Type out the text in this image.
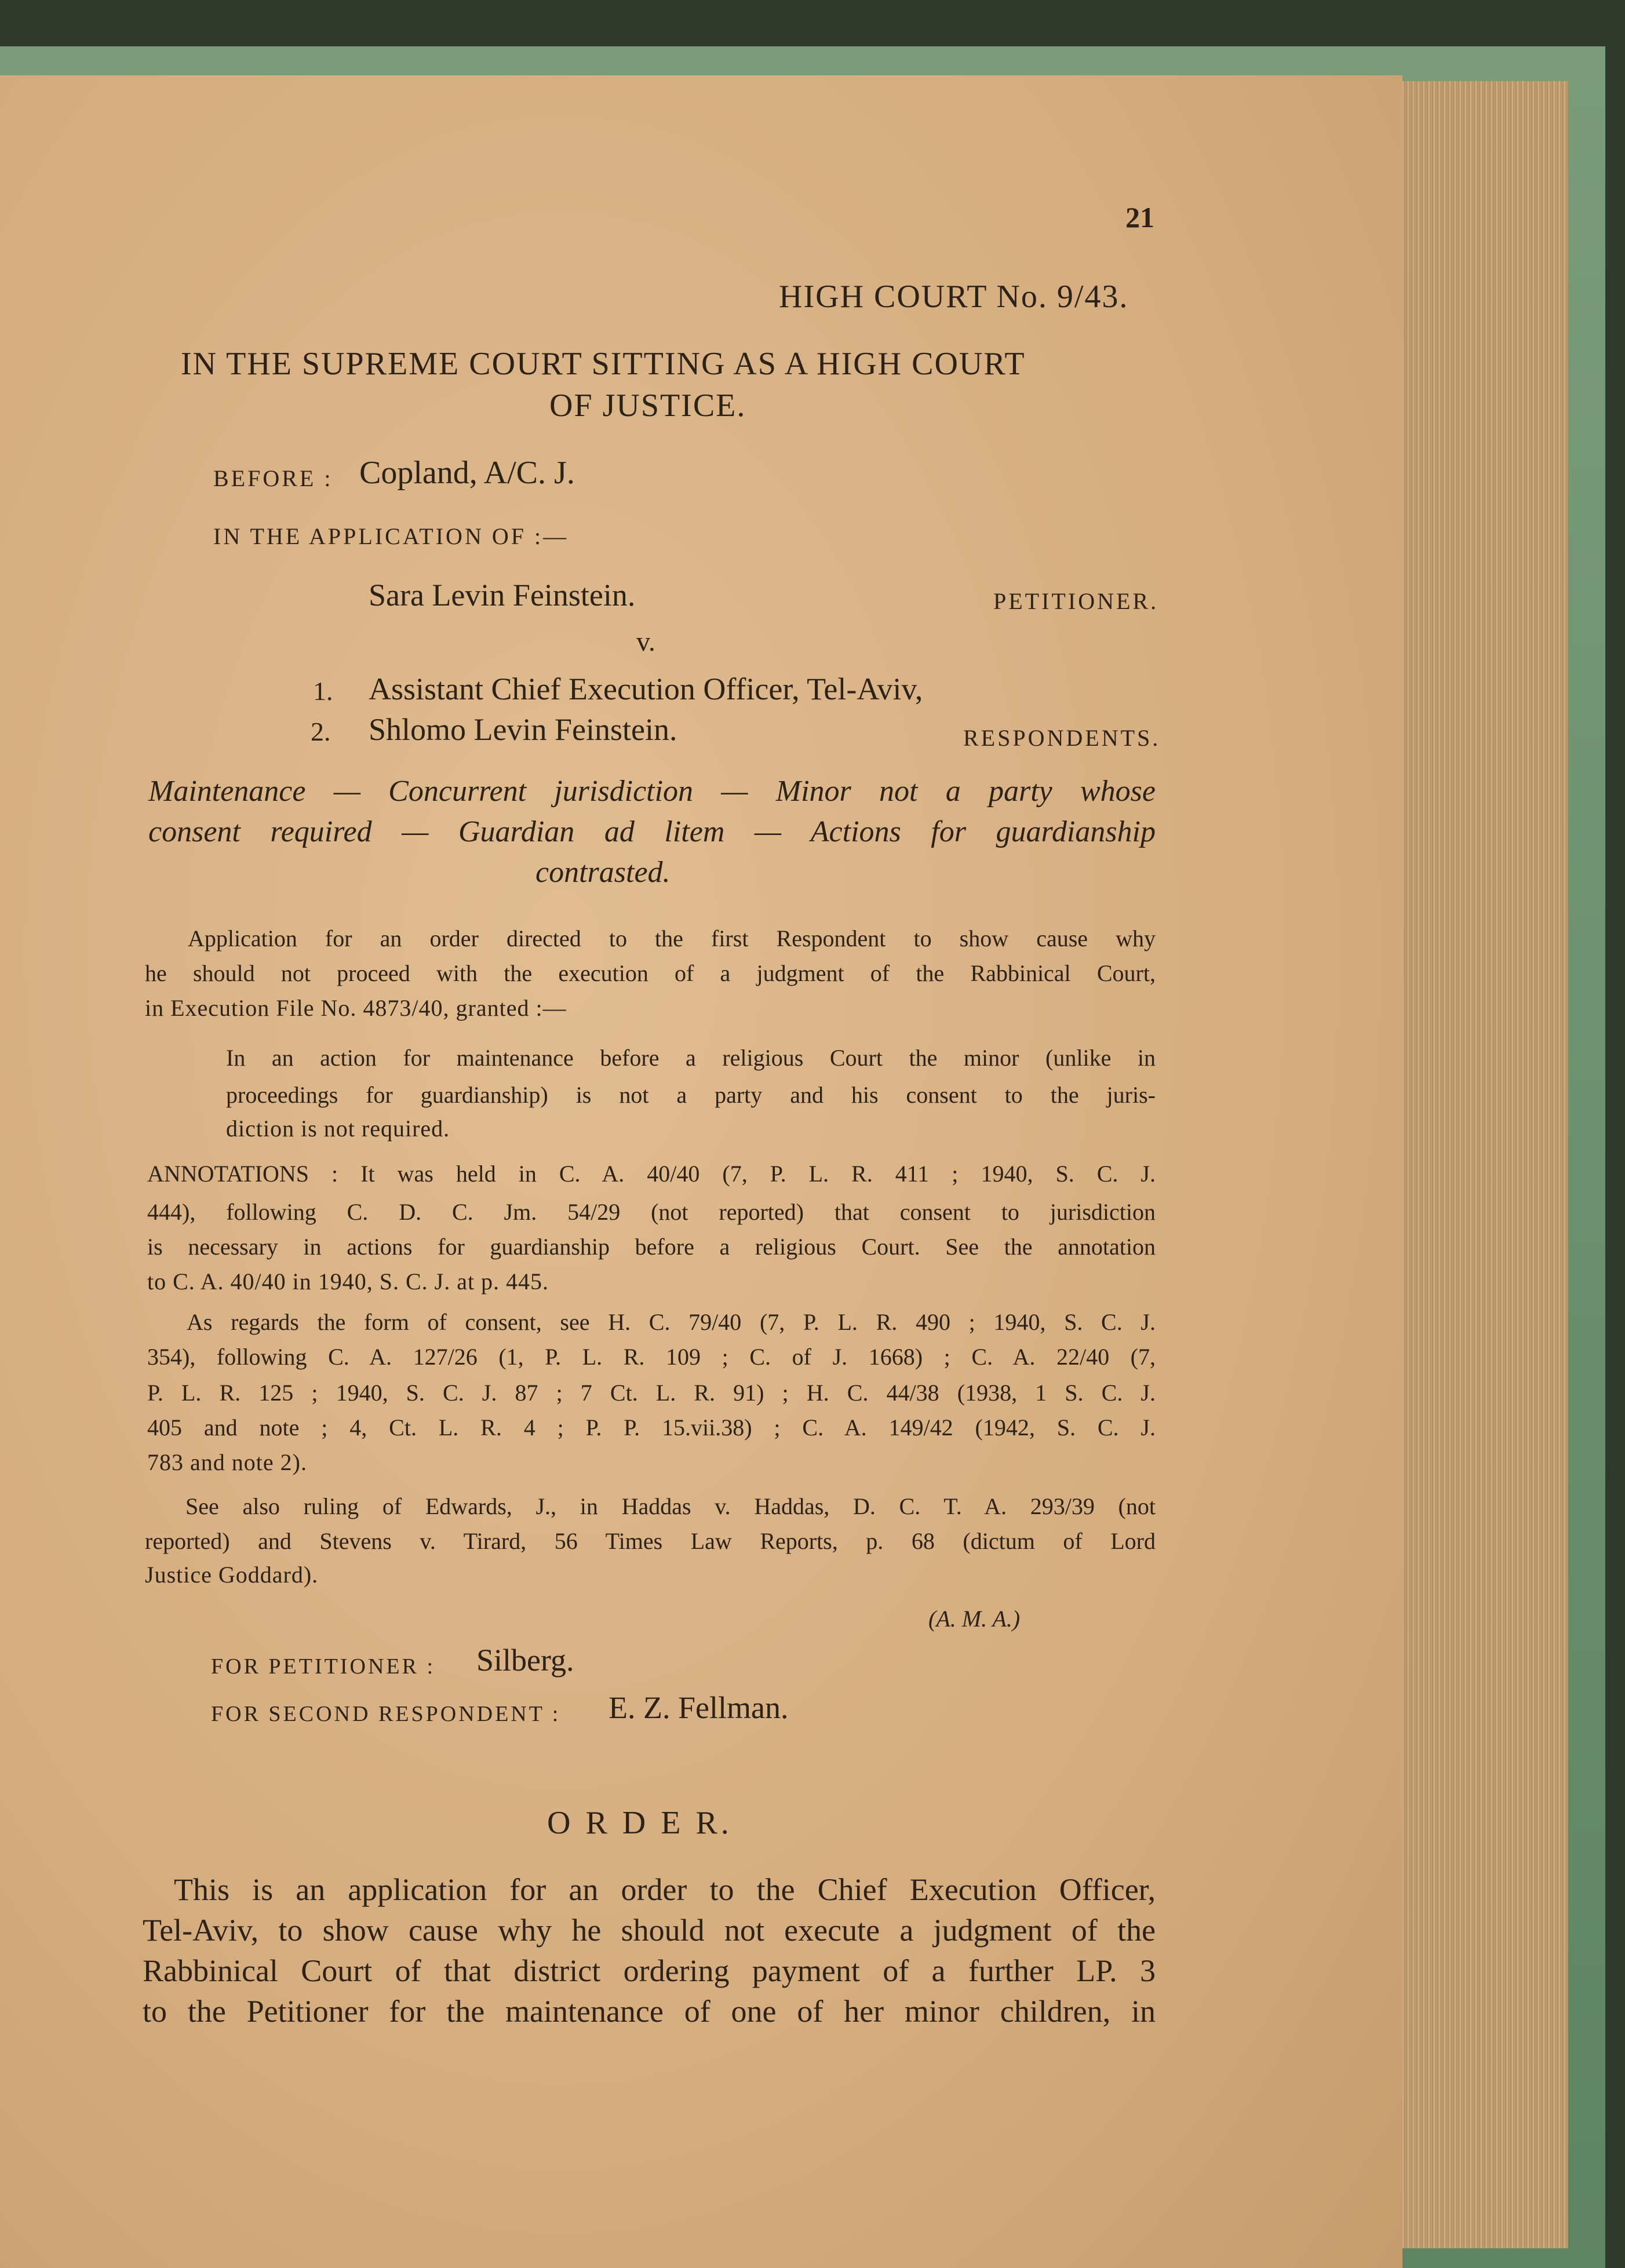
21
HIGH COURT No. 9/43.
IN THE SUPREME COURT SITTING AS A HIGH COURT
OF JUSTICE.
BEFORE : Copland, A/C. J.
IN THE APPLICATION OF :—
Sara Levin Feinstein.	PETITIONER.
v.
1. Assistant Chief Execution Officer, Tel-Aviv,
2. Shlomo Levin Feinstein.	RESPONDENTS.
Maintenance — Concurrent jurisdiction — Minor not a party whose
consent required — Guardian ad litem — Actions for guardianship
contrasted.
Application for an order directed to the first Respondent to show cause why
he should not proceed with the execution of a judgment of the Rabbinical Court,
in Execution File No. 4873/40, granted :—
In an action for maintenance before a religious Court the minor (unlike in
proceedings for guardianship) is not a party and his consent to the juris-
diction is not required.
ANNOTATIONS : It was held in C. A. 40/40 (7, P. L. R. 411 ; 1940, S. C. J.
444), following C. D. C. Jm. 54/29 (not reported) that consent to jurisdiction
is necessary in actions for guardianship before a religious Court. See the annotation
to C. A. 40/40 in 1940, S. C. J. at p. 445.
As regards the form of consent, see H. C. 79/40 (7, P. L. R. 490 ; 1940, S. C. J.
354), following C. A. 127/26 (1, P. L. R. 109 ; C. of J. 1668) ; C. A. 22/40 (7,
P. L. R. 125 ; 1940, S. C. J. 87 ; 7 Ct. L. R. 91) ; H. C. 44/38 (1938, 1 S. C. J.
405 and note ; 4, Ct. L. R. 4 ; P. P. 15.vii.38) ; C. A. 149/42 (1942, S. C. J.
783 and note 2).
See also ruling of Edwards, J., in Haddas v. Haddas, D. C. T. A. 293/39 (not
reported) and Stevens v. Tirard, 56 Times Law Reports, p. 68 (dictum of Lord
Justice Goddard).
(A. M. A.)
FOR PETITIONER : Silberg.
FOR SECOND RESPONDENT : E. Z. Fellman.
O R D E R.
This is an application for an order to the Chief Execution Officer,
Tel-Aviv, to show cause why he should not execute a judgment of the
Rabbinical Court of that district ordering payment of a further LP. 3
to the Petitioner for the maintenance of one of her minor children, in
